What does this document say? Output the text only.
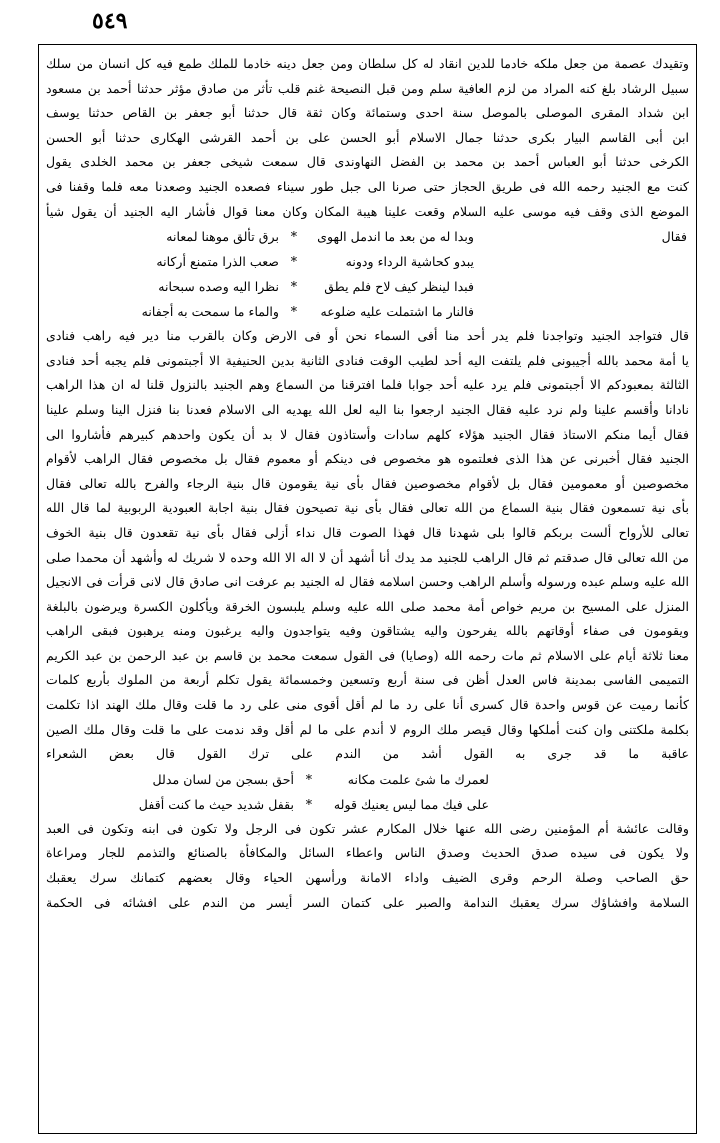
٥٤٩
وتقيدك عصمة من جعل ملكه خادما للدين انقاد له كل سلطان ومن جعل دينه خادما للملك طمع فيه كل انسان من سلك
سبيل الرشاد بلغ كنه المراد من لزم العافية سلم ومن قبل النصيحة غنم قلب تأثر من صادق مؤثر حدثنا أحمد بن مسعود
ابن شداد المقرى الموصلى بالموصل سنة احدى وستمائة وكان ثقة قال حدثنا أبو جعفر بن القاص حدثنا يوسف
ابن أبى القاسم البيار بكرى حدثنا جمال الاسلام أبو الحسن على بن أحمد القرشى الهكارى حدثنا أبو الحسن
الكرخى حدثنا أبو العباس أحمد بن محمد بن الفضل النهاوندى قال سمعت شيخى جعفر بن محمد الخلدى يقول
كنت مع الجنيد رحمه الله فى طريق الحجاز حتى صرنا الى جبل طور سيناء فصعده الجنيد وصعدنا معه فلما وقفنا فى
الموضع الذى وقف فيه موسى عليه السلام وقعت علينا هيبة المكان وكان معنا قوال فأشار اليه الجنيد أن يقول شيأ
فقال
وبدا له من بعد ما اندمل الهوى
*
برق تألق موهنا لمعانه
يبدو كحاشية الرداء ودونه
*
صعب الذرا متمنع أركانه
فبدا لينظر كيف لاح فلم يطق
*
نظرا اليه وصده سبحانه
فالنار ما اشتملت عليه ضلوعه
*
والماء ما سمحت به أجفانه
قال فتواجد الجنيد وتواجدنا فلم يدر أحد منا أفى السماء نحن أو فى الارض وكان بالقرب منا دير فيه راهب فنادى
يا أمة محمد بالله أجيبونى فلم يلتفت اليه أحد لطيب الوقت فنادى الثانية بدين الحنيفية الا أجبتمونى فلم يجبه أحد فنادى
الثالثة بمعبودكم الا أجبتمونى فلم يرد عليه أحد جوابا فلما افترقنا من السماع وهم الجنيد بالنزول قلنا له ان هذا الراهب
نادانا وأقسم علينا ولم نرد عليه فقال الجنيد ارجعوا بنا اليه لعل الله يهديه الى الاسلام فعدنا بنا فنزل الينا وسلم علينا
فقال أيما منكم الاستاذ فقال الجنيد هؤلاء كلهم سادات وأستاذون فقال لا بد أن يكون واحدهم كبيرهم فأشاروا الى
الجنيد فقال أخبرنى عن هذا الذى فعلتموه هو مخصوص فى دينكم أو معموم فقال بل مخصوص فقال الراهب لأقوام
مخصوصين أو معمومين فقال بل لأقوام مخصوصين فقال بأى نية يقومون قال بنية الرجاء والفرح بالله تعالى فقال
بأى نية تسمعون فقال بنية السماع من الله تعالى فقال بأى نية تصيحون فقال بنية اجابة العبودية الربوبية لما قال الله
تعالى للأرواح ألست بربكم قالوا بلى شهدنا قال فهذا الصوت قال نداء أزلى فقال بأى نية تقعدون قال بنية الخوف
من الله تعالى قال صدقتم ثم قال الراهب للجنيد مد يدك أنا أشهد أن لا اله الا الله وحده لا شريك له وأشهد أن محمدا صلى
الله عليه وسلم عبده ورسوله وأسلم الراهب وحسن اسلامه فقال له الجنيد بم عرفت انى صادق قال لانى قرأت فى الانجيل
المنزل على المسيح بن مريم خواص أمة محمد صلى الله عليه وسلم يلبسون الخرقة ويأكلون الكسرة ويرضون بالبلغة
ويقومون فى صفاء أوقاتهم بالله يفرحون واليه يشتاقون وفيه يتواجدون واليه يرغبون ومنه يرهبون فبقى الراهب
معنا ثلاثة أيام على الاسلام ثم مات رحمه الله (وصايا) فى القول سمعت محمد بن قاسم بن عبد الرحمن بن عبد الكريم
التميمى الفاسى بمدينة فاس العدل أظن فى سنة أربع وتسعين وخمسمائة يقول تكلم أربعة من الملوك بأربع كلمات
كأنما رميت عن قوس واحدة قال كسرى أنا على رد ما لم أقل أقوى منى على رد ما قلت وقال ملك الهند اذا تكلمت
بكلمة ملكتنى وان كنت أملكها وقال قيصر ملك الروم لا أندم على ما لم أقل وقد ندمت على ما قلت وقال ملك الصين
عاقبة ما قد جرى به القول أشد من الندم على ترك القول قال بعض الشعراء
لعمرك ما شئ علمت مكانه
*
أحق بسجن من لسان مدلل
على فيك مما ليس يعنيك قوله
*
بقفل شديد حيث ما كنت أقفل
وقالت عائشة أم المؤمنين رضى الله عنها خلال المكارم عشر تكون فى الرجل ولا تكون فى ابنه وتكون فى العبد
ولا يكون فى سيده صدق الحديث وصدق الناس واعطاء السائل والمكافأة بالصنائع والتذمم للجار ومراعاة
حق الصاحب وصلة الرحم وقرى الضيف واداء الامانة ورأسهن الحياء وقال بعضهم كتمانك سرك يعقبك
السلامة وافشاؤك سرك يعقبك الندامة والصبر على كتمان السر أيسر من الندم على افشائه فى الحكمة
